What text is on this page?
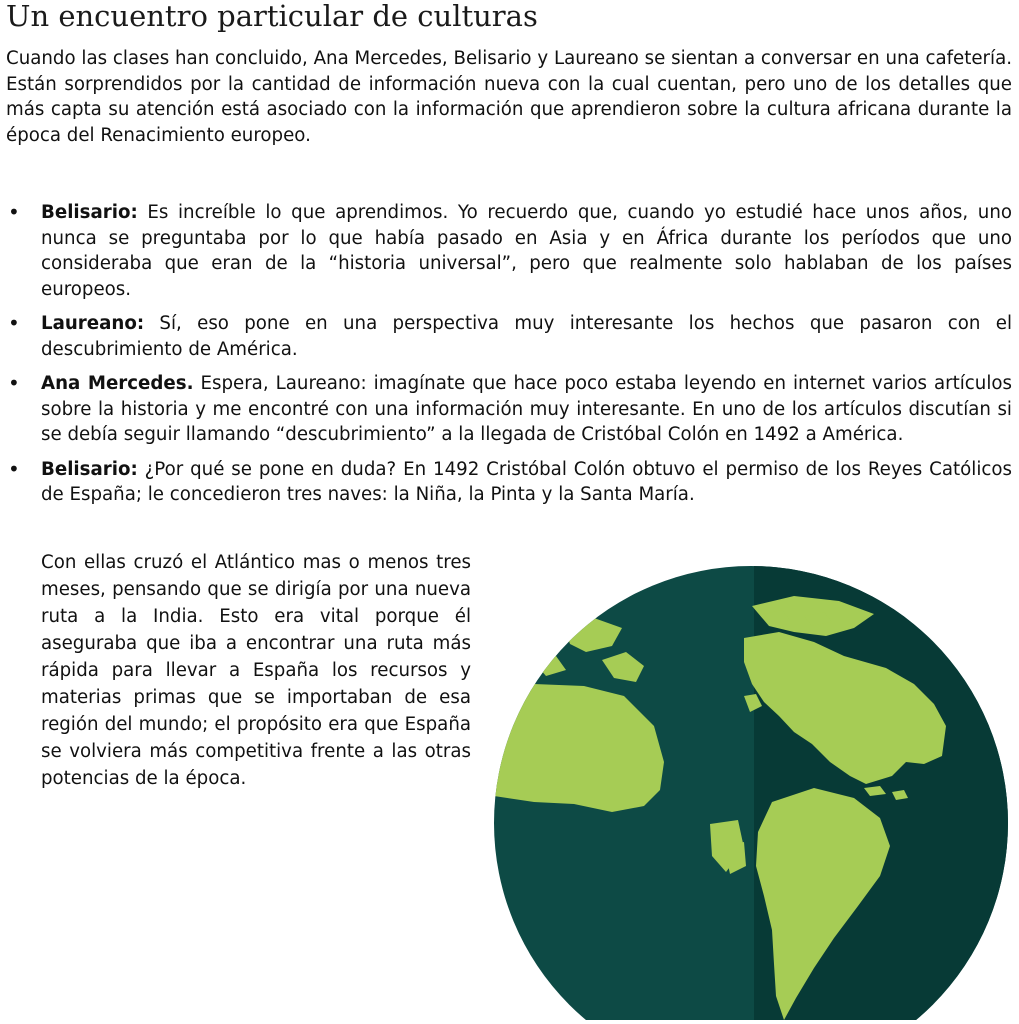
Un encuentro particular de culturas

Cuando las clases han concluido, Ana Mercedes, Belisario y Laureano se sientan a conversar en una cafetería. Están sorprendidos por la cantidad de información nueva con la cual cuentan, pero uno de los detalles que más capta su atención está asociado con la información que aprendieron sobre la cultura africana durante la época del Renacimiento europeo.

• Belisario: Es increíble lo que aprendimos. Yo recuerdo que, cuando yo estudié hace unos años, uno nunca se preguntaba por lo que había pasado en Asia y en África durante los períodos que uno consideraba que eran de la “historia universal”, pero que realmente solo hablaban de los países europeos.
• Laureano: Sí, eso pone en una perspectiva muy interesante los hechos que pasaron con el descubrimiento de América.
• Ana Mercedes. Espera, Laureano: imagínate que hace poco estaba leyendo en internet varios artículos sobre la historia y me encontré con una información muy interesante. En uno de los artículos discutían si se debía seguir llamando “descubrimiento” a la llegada de Cristóbal Colón en 1492 a América.
• Belisario: ¿Por qué se pone en duda? En 1492 Cristóbal Colón obtuvo el permiso de los Reyes Católicos de España; le concedieron tres naves: la Niña, la Pinta y la Santa María.

Con ellas cruzó el Atlántico mas o menos tres meses, pensando que se dirigía por una nueva ruta a la India. Esto era vital porque él aseguraba que iba a encontrar una ruta más rápida para llevar a España los recursos y materias primas que se importaban de esa región del mundo; el propósito era que España se volviera más competitiva frente a las otras potencias de la época.
